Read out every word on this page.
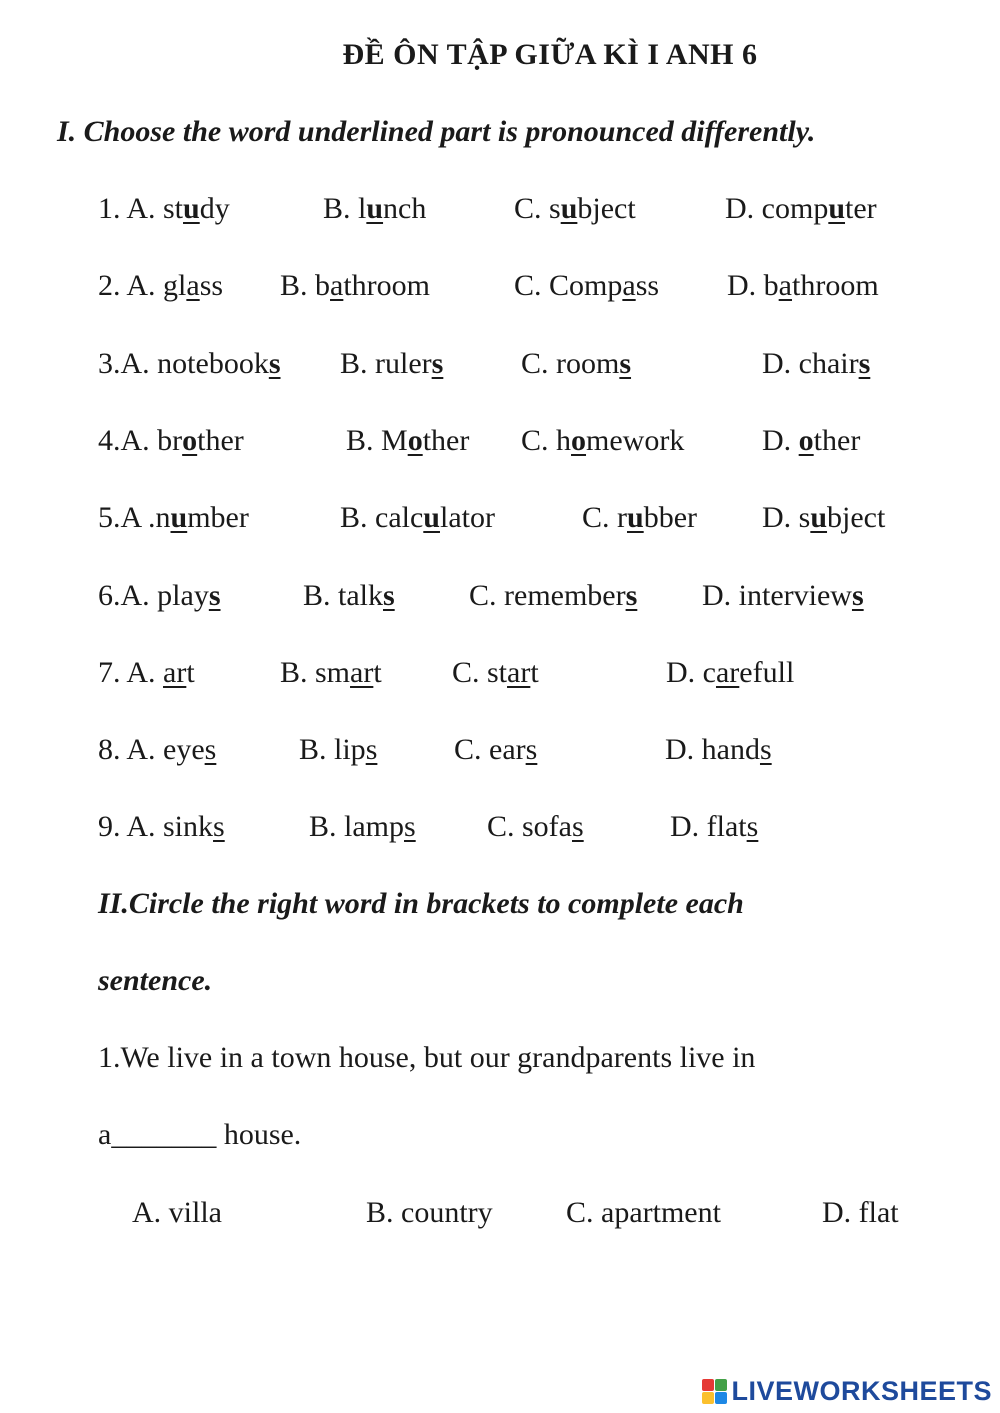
ĐỀ ÔN TẬP GIỮA KÌ I ANH 6
I. Choose the word underlined part is pronounced differently.
1. A. study	B. lunch	C. subject	D. computer
2. A. glass B. bathroom	C. Compass D. bathroom
3.A. notebooks B. rulers	C. rooms	D. chairs
4.A. brother	B. Mother C. homework	D. other
5.A .number	B. calculator	C. rubber D. subject
6.A. plays	B. talks C. remembers D. interviews
7. A. art	B. smart C. start	D. carefull
8. A. eyes	B. lips	C. ears	D. hands
9. A. sinks	B. lamps C. sofas	D. flats
II.Circle the right word in brackets to complete each
sentence.
1.We live in a town house, but our grandparents live in
a_______ house.
A. villa	B. country C. apartment	D. flat
LIVEWORKSHEETS
